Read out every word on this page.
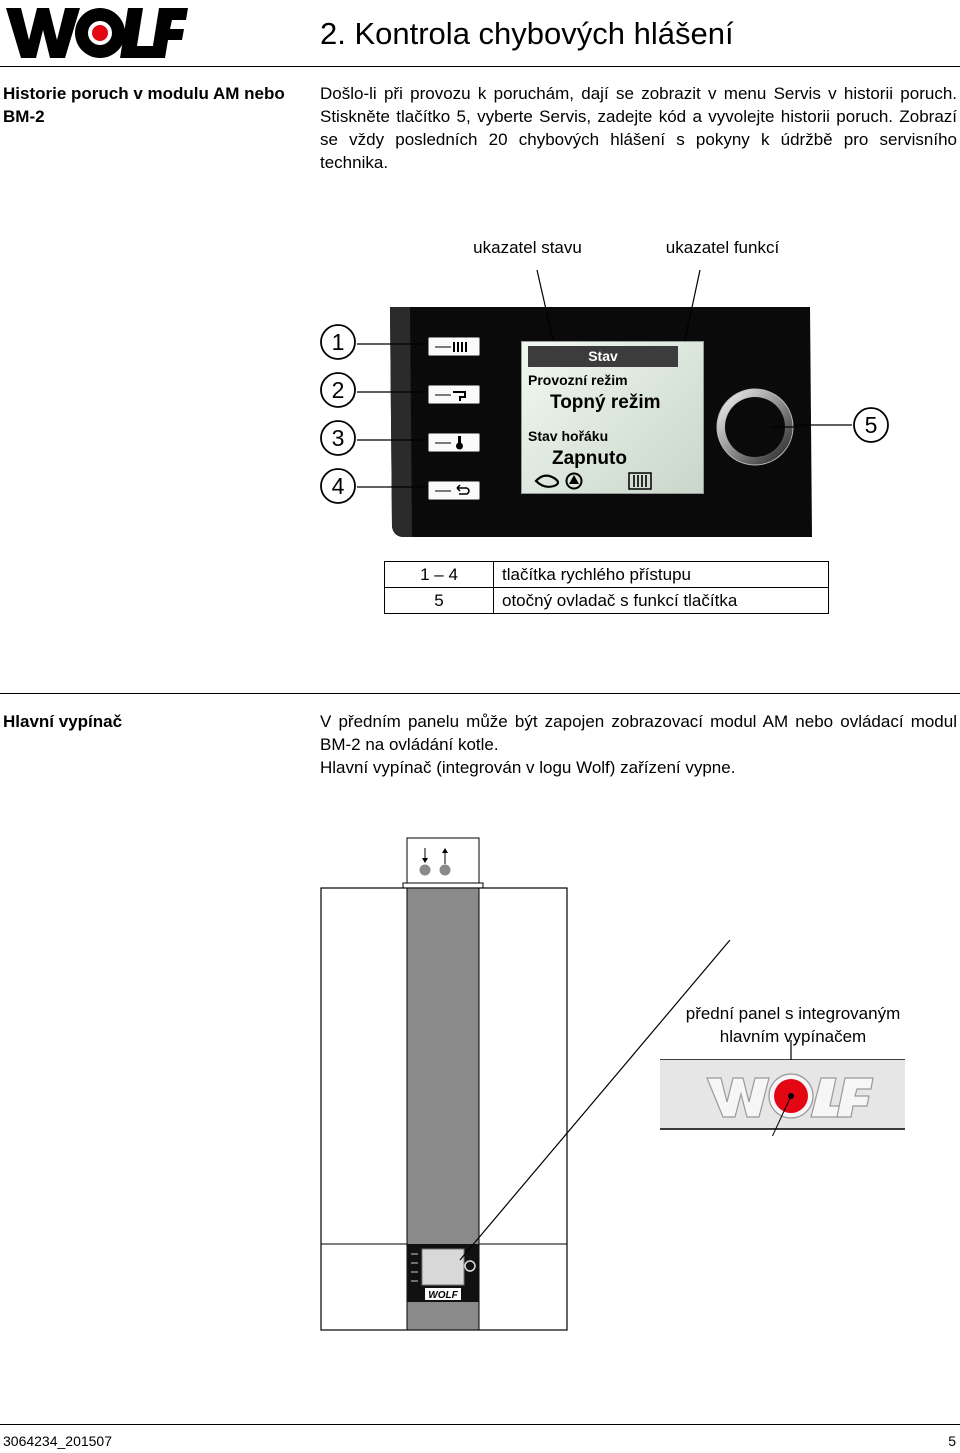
2. Kontrola chybových hlášení
Historie poruch v modulu AM nebo BM-2

Došlo-li při provozu k poruchám, dají se zobrazit v menu Servis v historii poruch. Stiskněte tlačítko 5, vyberte Servis, zadejte kód a vyvolejte historii poruch. Zobrazí se vždy posledních 20 chybových hlášení s pokyny k údržbě pro servisního technika.

ukazatel stavu	ukazatel funkcí
1
2
3
4
5
Stav
Provozní režim
Topný režim
Stav hořáku
Zapnuto
1 – 4	tlačítka rychlého přístupu
5	otočný ovladač s funkcí tlačítka
Hlavní vypínač	V předním panelu může být zapojen zobrazovací modul AM nebo ovládací modul BM-2 na ovládání kotle.

Hlavní vypínač (integrován v logu Wolf) zařízení vypne.

WOLF
přední panel s integrovaným hlavním vypínačem
3064234_201507	5
